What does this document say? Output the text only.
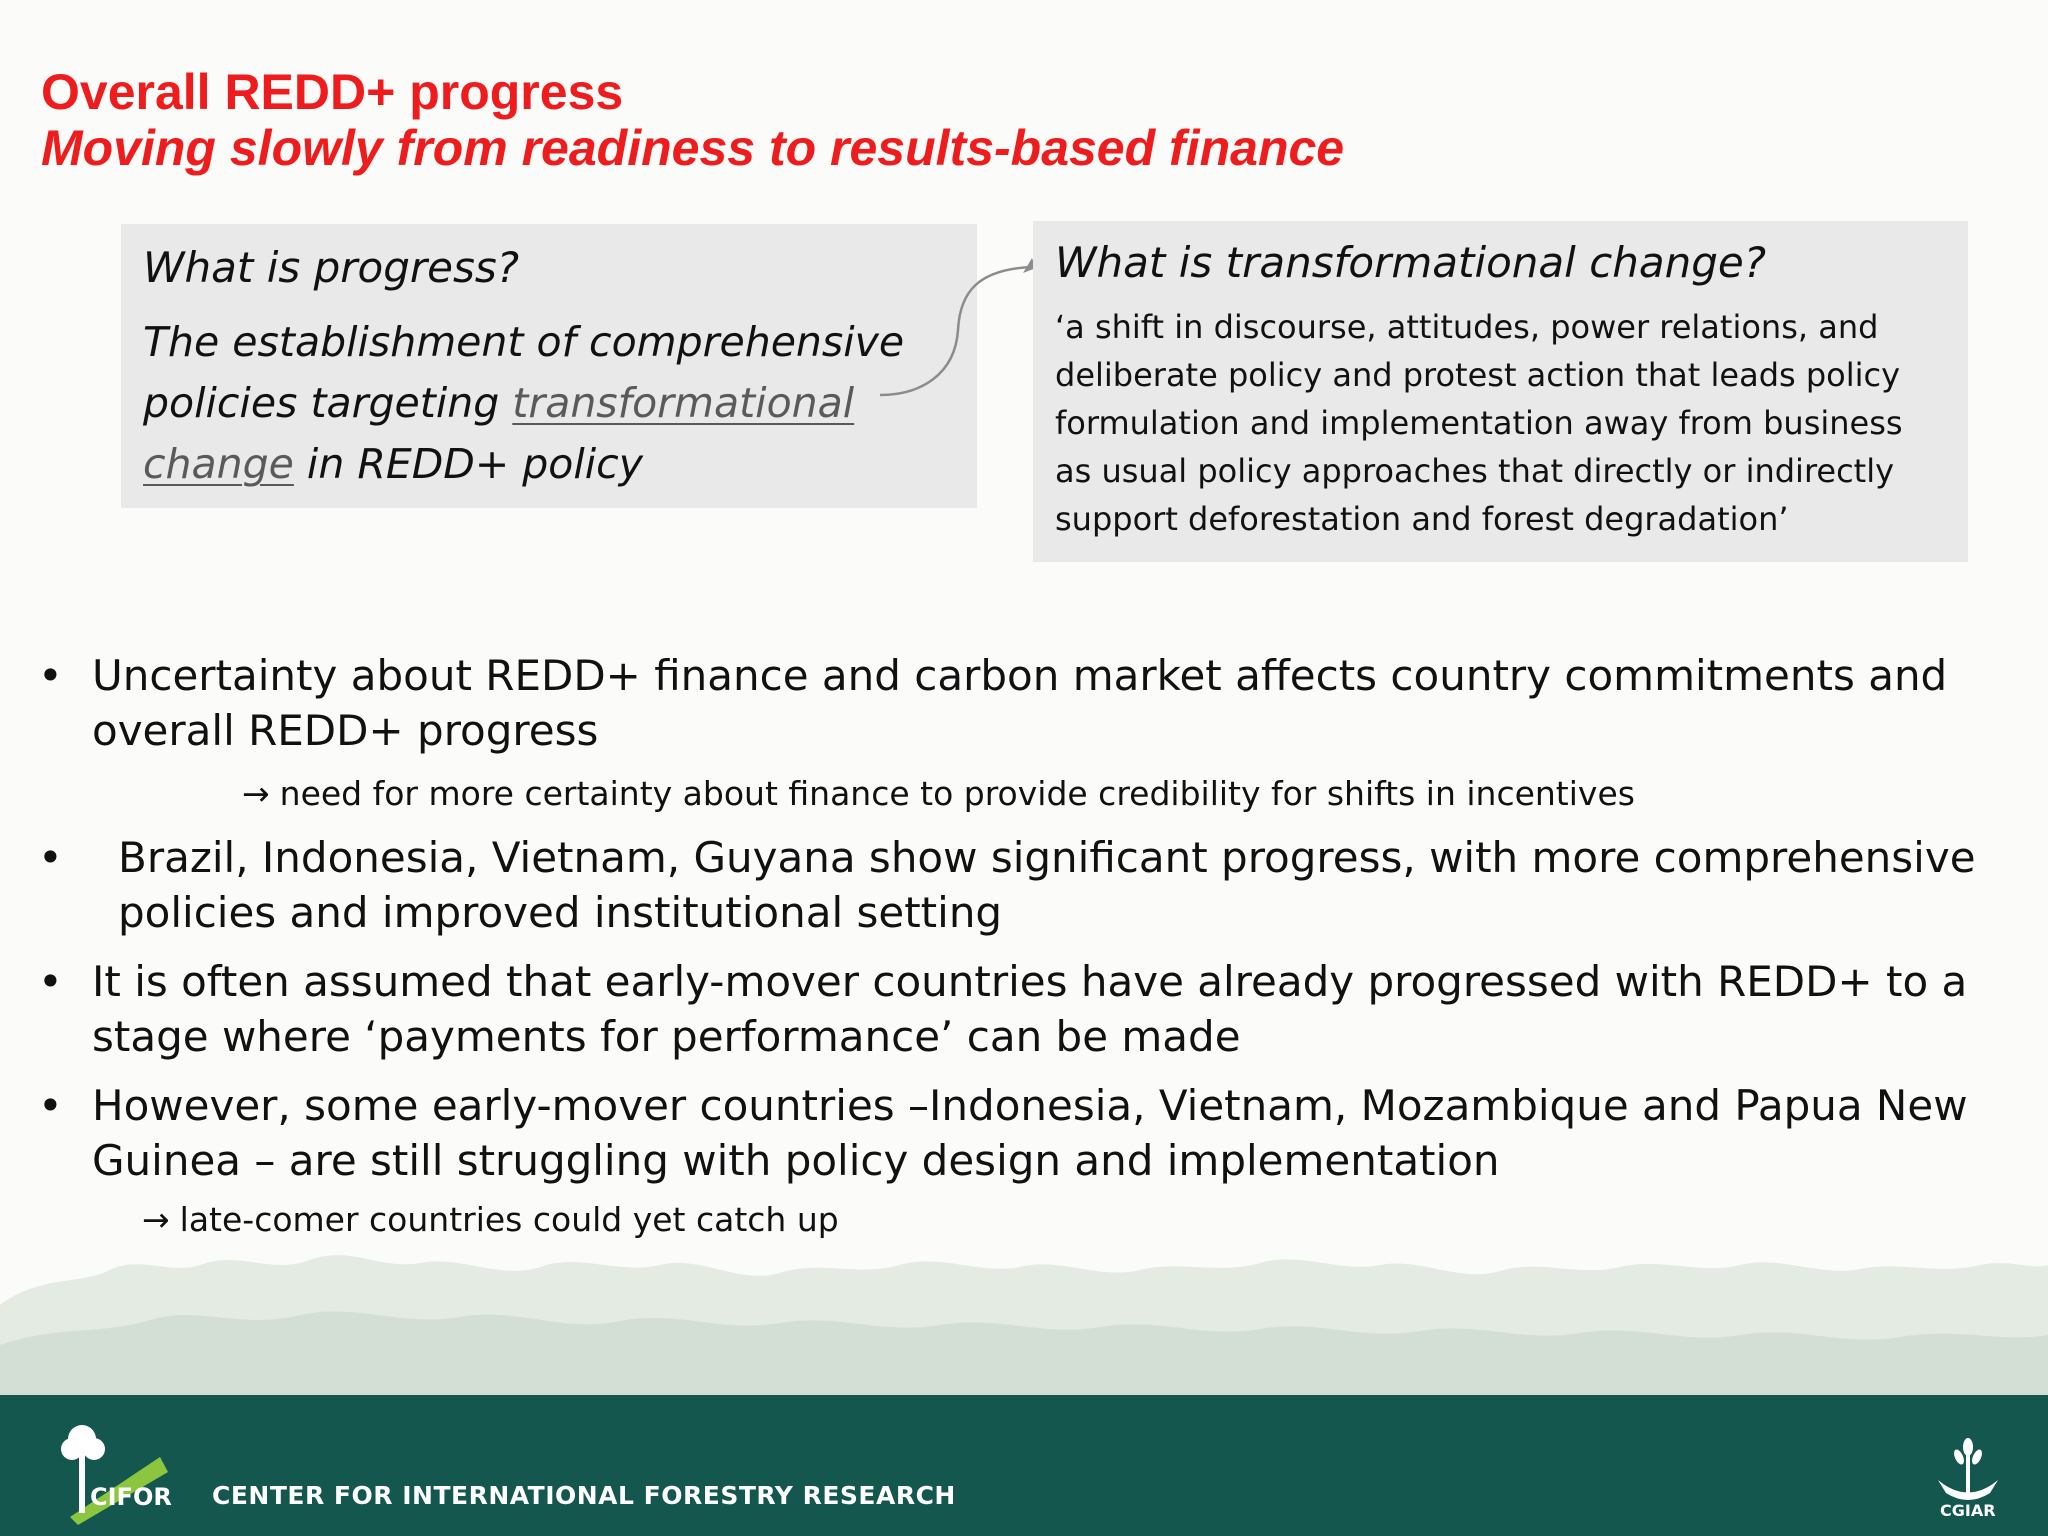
Overall REDD+ progress
Moving slowly from readiness to results-based finance
What is progress?
The establishment of comprehensive policies targeting transformational change in REDD+ policy
What is transformational change?
‘a shift in discourse, attitudes, power relations, and deliberate policy and protest action that leads policy formulation and implementation away from business as usual policy approaches that directly or indirectly support deforestation and forest degradation’
• Uncertainty about REDD+ finance and carbon market affects country commitments and overall REDD+ progress
→ need for more certainty about finance to provide credibility for shifts in incentives
• Brazil, Indonesia, Vietnam, Guyana show significant progress, with more comprehensive policies and improved institutional setting
• It is often assumed that early-mover countries have already progressed with REDD+ to a stage where ‘payments for performance’ can be made
• However, some early-mover countries –Indonesia, Vietnam, Mozambique and Papua New Guinea – are still struggling with policy design and implementation
→ late-comer countries could yet catch up
CIFOR CENTER FOR INTERNATIONAL FORESTRY RESEARCH
CGIAR
